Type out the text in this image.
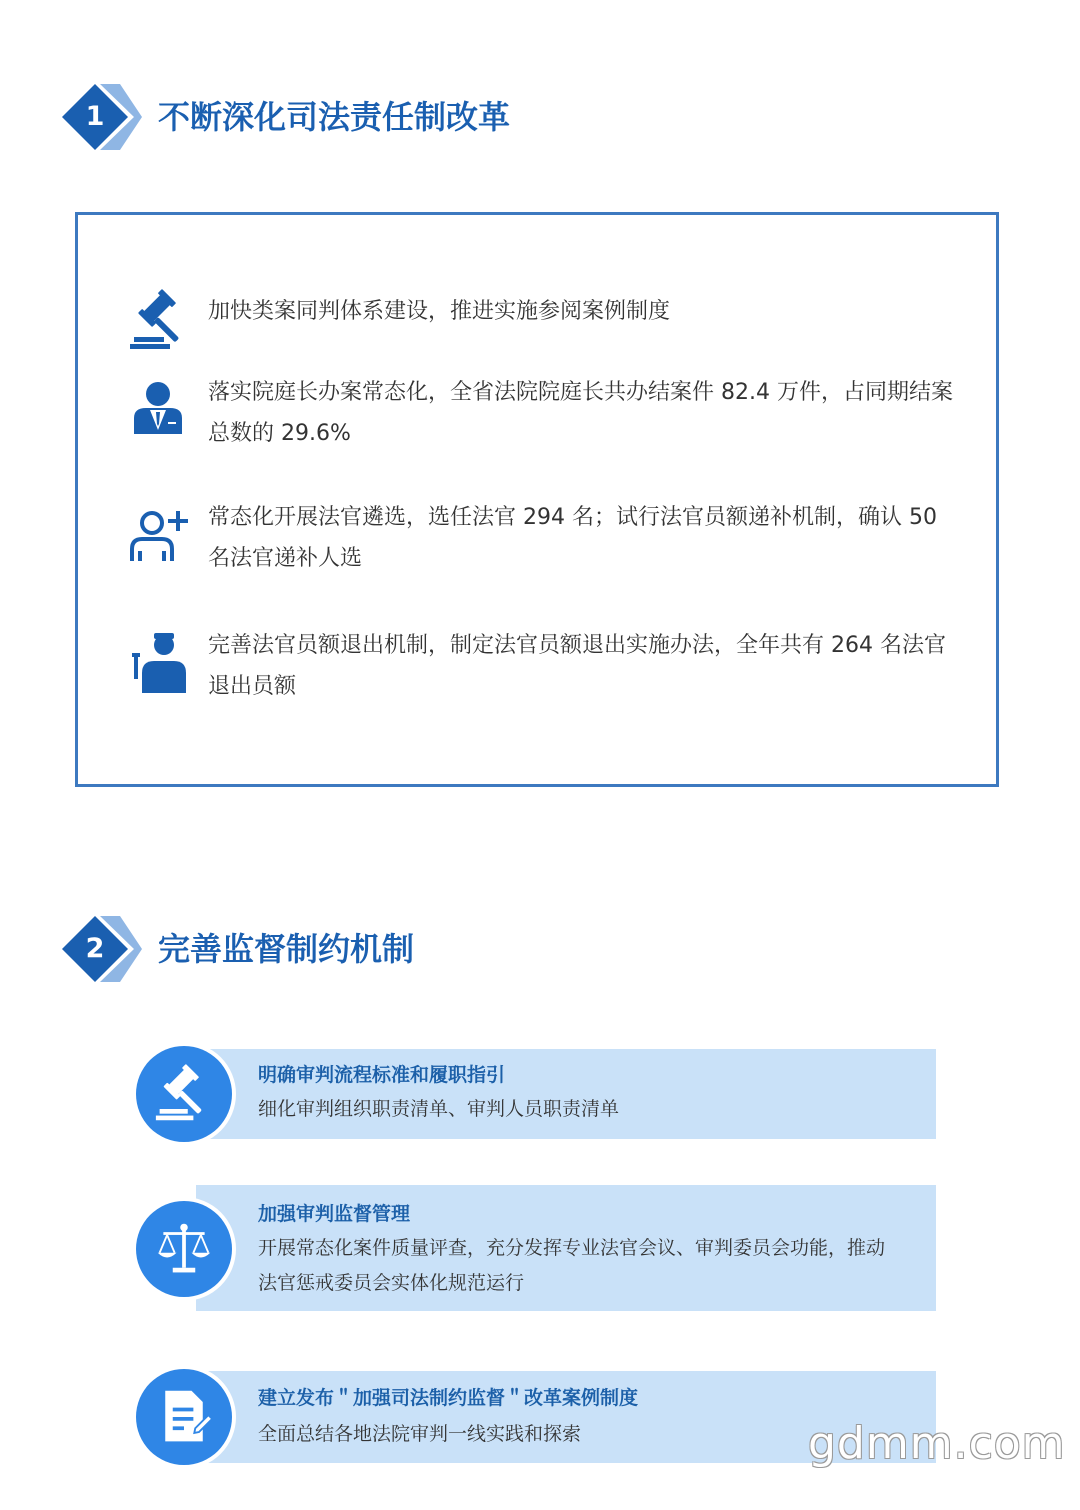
1	不断深化司法责任制改革
加快类案同判体系建设，推进实施参阅案例制度
落实院庭长办案常态化，全省法院院庭长共办结案件 82.4 万件，占同期结案总数的 29.6%
常态化开展法官遴选，选任法官 294 名；试行法官员额递补机制，确认 50 名法官递补人选
完善法官员额退出机制，制定法官员额退出实施办法，全年共有 264 名法官退出员额
2	完善监督制约机制
明确审判流程标准和履职指引
细化审判组织职责清单、审判人员职责清单
加强审判监督管理
开展常态化案件质量评查，充分发挥专业法官会议、审判委员会功能，推动法官惩戒委员会实体化规范运行
建立发布＂加强司法制约监督＂改革案例制度
全面总结各地法院审判一线实践和探索	gdmm.com
